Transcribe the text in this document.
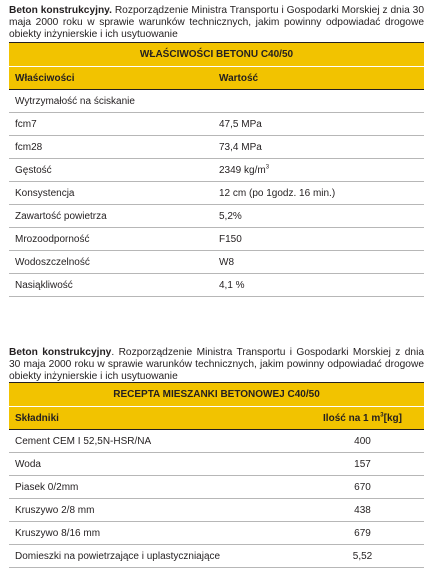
Beton konstrukcyjny. Rozporządzenie Ministra Transportu i Gospodarki Morskiej z dnia 30 maja 2000 roku w sprawie warunków technicznych, jakim powinny odpowiadać drogowe obiekty inżynierskie i ich usytuowanie
WŁAŚCIWOŚCI BETONU C40/50
Właściwości	Wartość
Wytrzymałość na ściskanie
fcm7	47,5 MPa
fcm28	73,4 MPa
Gęstość	2349 $kg/m^3$
Konsystencja	12 cm (po 1godz. 16 min.)
Zawartość powietrza	5,2%
Mrozoodporność	F150
Wodoszczelność	W8
Nasiąkliwość	4,1 %
Beton konstrukcyjny. Rozporządzenie Ministra Transportu i Gospodarki Morskiej z dnia 30 maja 2000 roku w sprawie warunków technicznych, jakim powinny odpowiadać drogowe obiekty inżynierskie i ich usytuowanie
RECEPTA MIESZANKI BETONOWEJ C40/50
Składniki	Ilość na 1 $m^3[kg]$
Cement CEM I 52,5N-HSR/NA	400
Woda	157
Piasek 0/2mm	670
Kruszywo 2/8 mm	438
Kruszywo 8/16 mm	679
Domieszki na powietrzające i uplastyczniające	5,52
